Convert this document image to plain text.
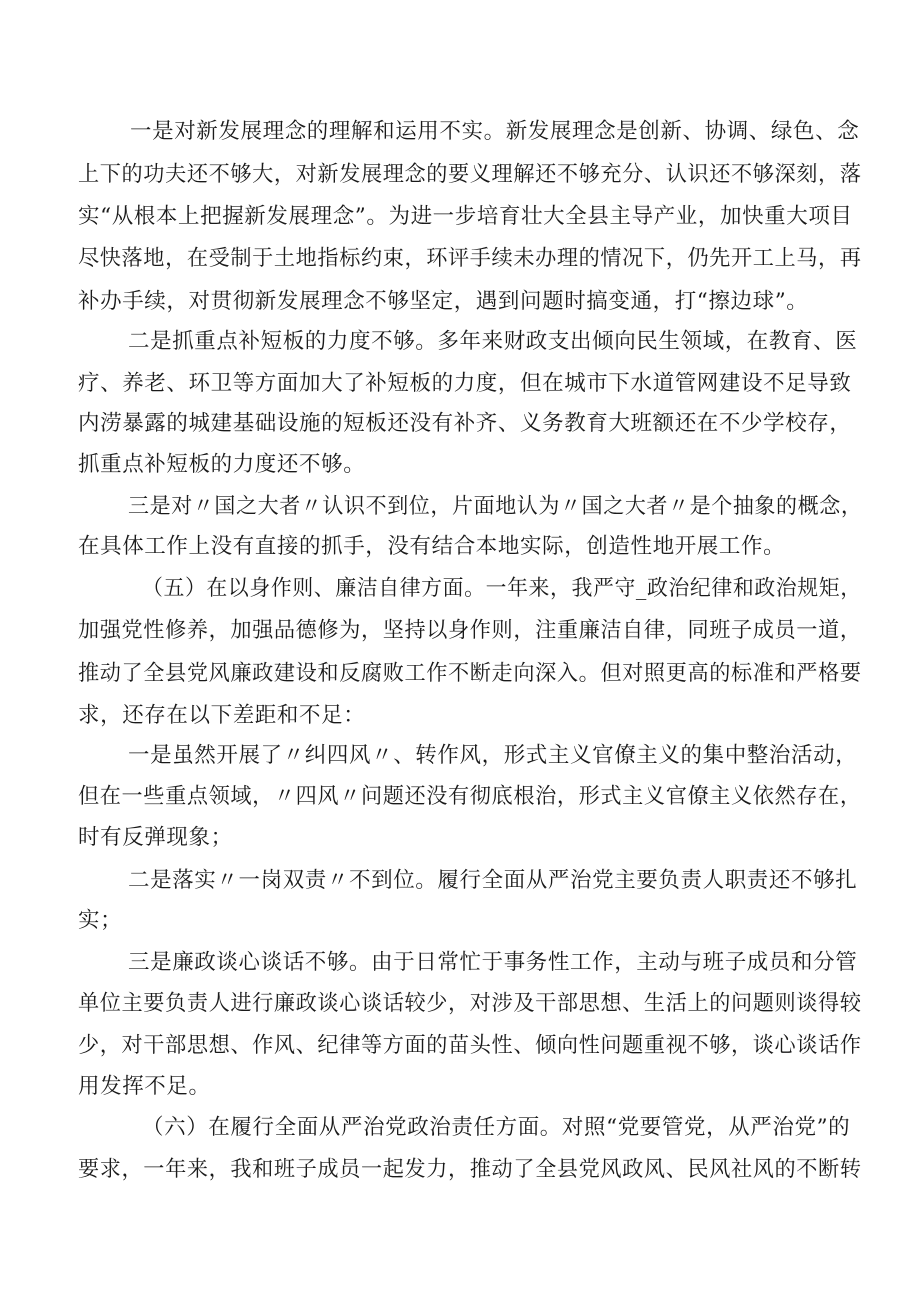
一是对新发展理念的理解和运用不实。新发展理念是创新、协调、绿色、念
上下的功夫还不够大，对新发展理念的要义理解还不够充分、认识还不够深刻，落
实“从根本上把握新发展理念”。为进一步培育壮大全县主导产业，加快重大项目
尽快落地，在受制于土地指标约束，环评手续未办理的情况下，仍先开工上马，再
补办手续，对贯彻新发展理念不够坚定，遇到问题时搞变通，打“擦边球”。
二是抓重点补短板的力度不够。多年来财政支出倾向民生领域，在教育、医
疗、养老、环卫等方面加大了补短板的力度，但在城市下水道管网建设不足导致
内涝暴露的城建基础设施的短板还没有补齐、义务教育大班额还在不少学校存，
抓重点补短板的力度还不够。
三是对〃国之大者〃认识不到位，片面地认为〃国之大者〃是个抽象的概念，
在具体工作上没有直接的抓手，没有结合本地实际，创造性地开展工作。
（五）在以身作则、廉洁自律方面。一年来，我严守_政治纪律和政治规矩，
加强党性修养，加强品德修为，坚持以身作则，注重廉洁自律，同班子成员一道，
推动了全县党风廉政建设和反腐败工作不断走向深入。但对照更高的标准和严格要
求，还存在以下差距和不足：
一是虽然开展了〃纠四风〃、转作风，形式主义官僚主义的集中整治活动，
但在一些重点领域，〃四风〃问题还没有彻底根治，形式主义官僚主义依然存在，
时有反弹现象；
二是落实〃一岗双责〃不到位。履行全面从严治党主要负责人职责还不够扎
实；
三是廉政谈心谈话不够。由于日常忙于事务性工作，主动与班子成员和分管
单位主要负责人进行廉政谈心谈话较少，对涉及干部思想、生活上的问题则谈得较
少，对干部思想、作风、纪律等方面的苗头性、倾向性问题重视不够，谈心谈话作
用发挥不足。
（六）在履行全面从严治党政治责任方面。对照“党要管党，从严治党”的
要求，一年来，我和班子成员一起发力，推动了全县党风政风、民风社风的不断转
